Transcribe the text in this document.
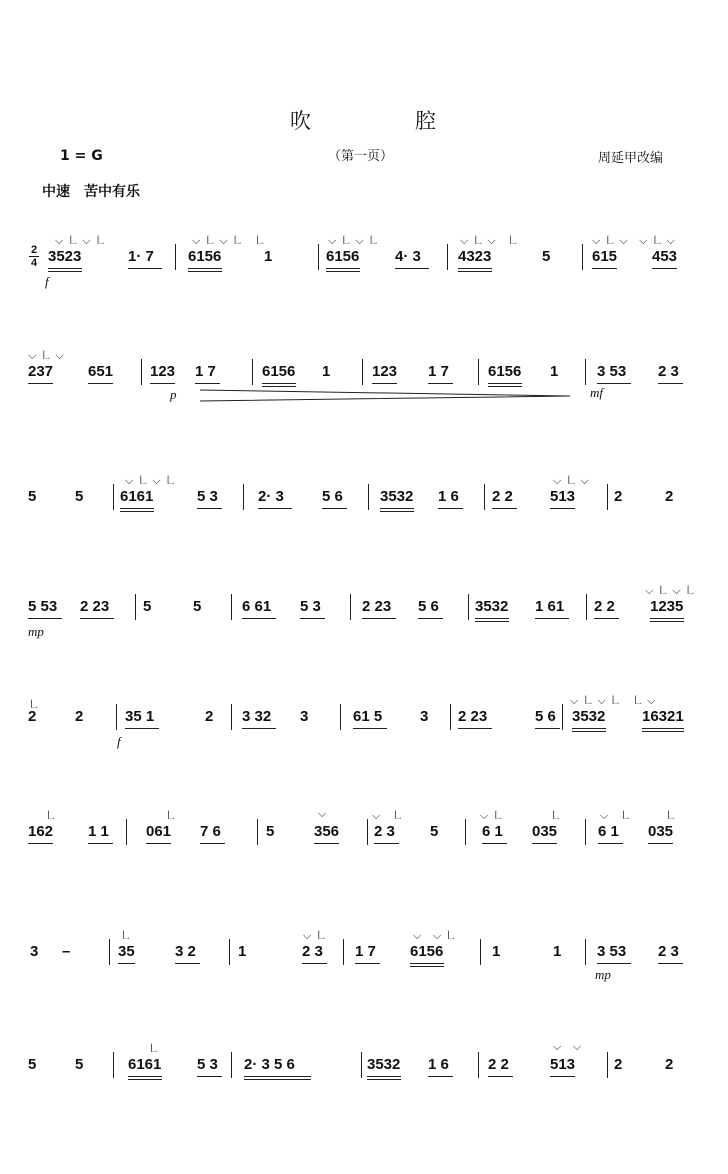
吹	腔
1 = G	（第一页）	周延甲改编
中速　苦中有乐
2
4 3523	1· 7 6156	1	6156 4· 3 4323	5	615 453
⌵㇗⌵㇗	⌵㇗⌵㇗ ㇗	⌵㇗⌵㇗	⌵㇗⌵ ㇗	⌵㇗⌵ ⌵㇗⌵
f
237 651 123 1 7	6156 1	123 1 7	6156 1	3 53 2 3
⌵㇗⌵
p	mf
5	5 6161	5 3	2· 3	5 6 3532 1 6 2 2 513	2	2
⌵㇗⌵㇗	⌵㇗⌵
5 53 2 23 5	5	6 61 5 3	2 23 5 6 3532 1 61 2 2 1235
⌵㇗⌵㇗
mp
2	2	35 1	2 3 32 3	61 5	3 2 23	5 6 3532 16321
㇗	⌵㇗⌵㇗ ㇗⌵
f
162 1 1 061 7 6	5	356 2 3 5	6 1 035	6 1 035
㇗	㇗	⌵	⌵ ㇗	⌵㇗	㇗	⌵ ㇗	㇗
3 –	35	3 2	1	2 3 1 7 6156	1	1 3 53 2 3
㇗	⌵㇗	⌵ ⌵㇗
mp
5	5	6161 5 3 2· 3 5 6	3532 1 6	2 2	513	2	2
㇗	⌵ ⌵
